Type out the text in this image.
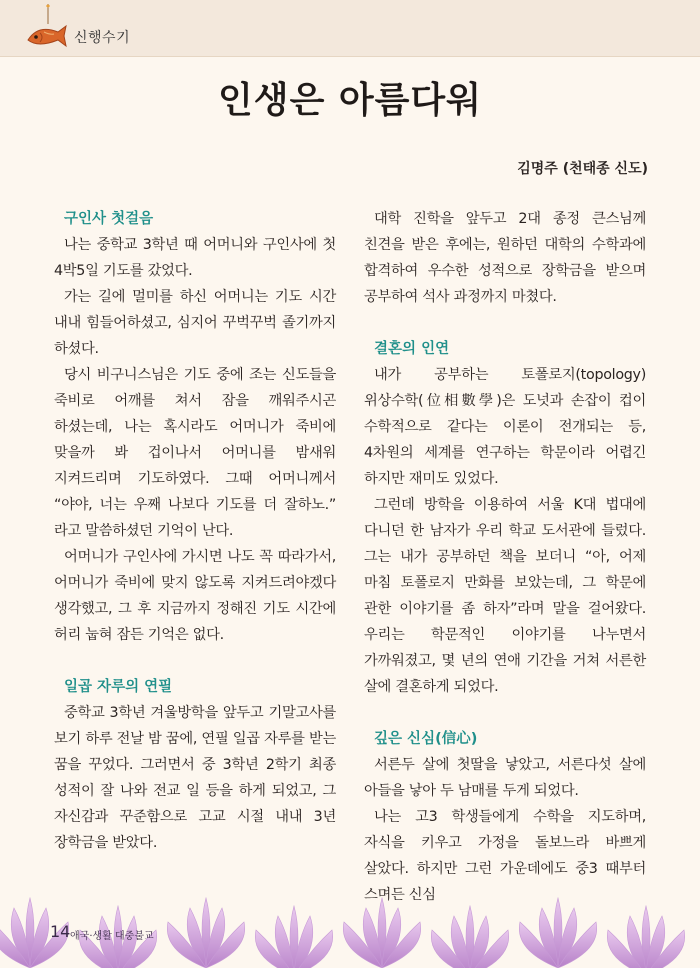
신행수기
인생은 아름다워
김명주 (천태종 신도)
구인사 첫걸음
나는 중학교 3학년 때 어머니와 구인사에 첫 4박5일 기도를 갔었다.
가는 길에 멀미를 하신 어머니는 기도 시간 내내 힘들어하셨고, 심지어 꾸벅꾸벅 졸기까지 하셨다.
당시 비구니스님은 기도 중에 조는 신도들을 죽비로 어깨를 쳐서 잠을 깨워주시곤 하셨는데, 나는 혹시라도 어머니가 죽비에 맞을까 봐 겁이나서 어머니를 밤새워 지켜드리며 기도하였다. 그때 어머니께서 “야야, 너는 우째 나보다 기도를 더 잘하노.” 라고 말씀하셨던 기억이 난다.
어머니가 구인사에 가시면 나도 꼭 따라가서, 어머니가 죽비에 맞지 않도록 지켜드려야겠다 생각했고, 그 후 지금까지 정해진 기도 시간에 허리 눕혀 잠든 기억은 없다.
일곱 자루의 연필
중학교 3학년 겨울방학을 앞두고 기말고사를 보기 하루 전날 밤 꿈에, 연필 일곱 자루를 받는 꿈을 꾸었다. 그러면서 중 3학년 2학기 최종 성적이 잘 나와 전교 일 등을 하게 되었고, 그 자신감과 꾸준함으로 고교 시절 내내 3년 장학금을 받았다.
대학 진학을 앞두고 2대 종정 큰스님께 친견을 받은 후에는, 원하던 대학의 수학과에 합격하여 우수한 성적으로 장학금을 받으며 공부하여 석사 과정까지 마쳤다.
결혼의 인연
내가 공부하는 토폴로지(topology) 위상수학(位相數學)은 도넛과 손잡이 컵이 수학적으로 같다는 이론이 전개되는 등, 4차원의 세계를 연구하는 학문이라 어렵긴 하지만 재미도 있었다.
그런데 방학을 이용하여 서울 K대 법대에 다니던 한 남자가 우리 학교 도서관에 들렀다. 그는 내가 공부하던 책을 보더니 “아, 어제 마침 토폴로지 만화를 보았는데, 그 학문에 관한 이야기를 좀 하자”라며 말을 걸어왔다. 우리는 학문적인 이야기를 나누면서 가까워졌고, 몇 년의 연애 기간을 거쳐 서른한 살에 결혼하게 되었다.
깊은 신심(信心)
서른두 살에 첫딸을 낳았고, 서른다섯 살에 아들을 낳아 두 남매를 두게 되었다.
나는 고3 학생들에게 수학을 지도하며, 자식을 키우고 가정을 돌보느라 바쁘게 살았다. 하지만 그런 가운데에도 중3 때부터 스며든 신심
14 애국·생활 대중불교
